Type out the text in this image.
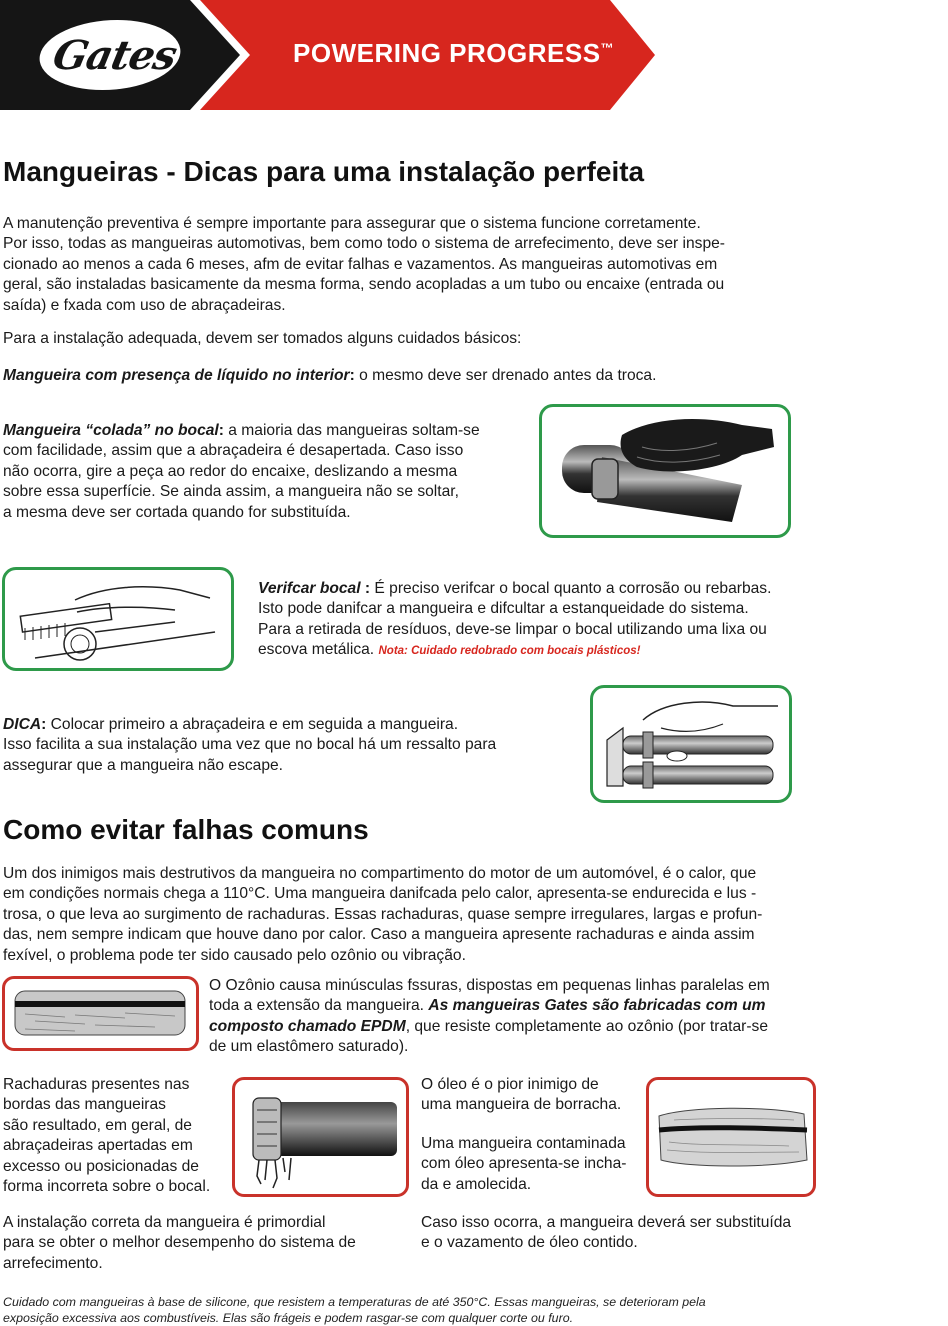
Gates	POWERING PROGRESS™
Mangueiras - Dicas para uma instalação perfeita
A manutenção preventiva é sempre importante para assegurar que o sistema funcione corretamente.
Por isso, todas as mangueiras automotivas, bem como todo o sistema de arrefecimento, deve ser inspe-
cionado ao menos a cada 6 meses, afm de evitar falhas e vazamentos. As mangueiras automotivas em
geral, são instaladas basicamente da mesma forma, sendo acopladas a um tubo ou encaixe (entrada ou
saída) e fxada com uso de abraçadeiras.
Para a instalação adequada, devem ser tomados alguns cuidados básicos:
Mangueira com presença de líquido no interior: o mesmo deve ser drenado antes da troca.
Mangueira “colada” no bocal: a maioria das mangueiras soltam-se
com facilidade, assim que a abraçadeira é desapertada. Caso isso
não ocorra, gire a peça ao redor do encaixe, deslizando a mesma
sobre essa superfície. Se ainda assim, a mangueira não se soltar,
a mesma deve ser cortada quando for substituída.
Verifcar bocal : É preciso verifcar o bocal quanto a corrosão ou rebarbas.
Isto pode danifcar a mangueira e difcultar a estanqueidade do sistema.
Para a retirada de resíduos, deve-se limpar o bocal utilizando uma lixa ou
escova metálica. Nota: Cuidado redobrado com bocais plásticos!
DICA: Colocar primeiro a abraçadeira e em seguida a mangueira.
Isso facilita a sua instalação uma vez que no bocal há um ressalto para
assegurar que a mangueira não escape.
Como evitar falhas comuns
Um dos inimigos mais destrutivos da mangueira no compartimento do motor de um automóvel, é o calor, que
em condições normais chega a 110°C. Uma mangueira danifcada pelo calor, apresenta-se endurecida e lus -
trosa, o que leva ao surgimento de rachaduras. Essas rachaduras, quase sempre irregulares, largas e profun-
das, nem sempre indicam que houve dano por calor. Caso a mangueira apresente rachaduras e ainda assim
fexível, o problema pode ter sido causado pelo ozônio ou vibração.
O Ozônio causa minúsculas fssuras, dispostas em pequenas linhas paralelas em
toda a extensão da mangueira. As mangueiras Gates são fabricadas com um
composto chamado EPDM, que resiste completamente ao ozônio (por tratar-se
de um elastômero saturado).
Rachaduras presentes nas
bordas das mangueiras
são resultado, em geral, de
abraçadeiras apertadas em
excesso ou posicionadas de
forma incorreta sobre o bocal.
A instalação correta da mangueira é primordial
para se obter o melhor desempenho do sistema de
arrefecimento.
O óleo é o pior inimigo de
uma mangueira de borracha.
Uma mangueira contaminada
com óleo apresenta-se incha-
da e amolecida.
Caso isso ocorra, a mangueira deverá ser substituída
e o vazamento de óleo contido.
Cuidado com mangueiras à base de silicone, que resistem a temperaturas de até 350°C. Essas mangueiras, se deterioram pela
exposição excessiva aos combustíveis. Elas são frágeis e podem rasgar-se com qualquer corte ou furo.
